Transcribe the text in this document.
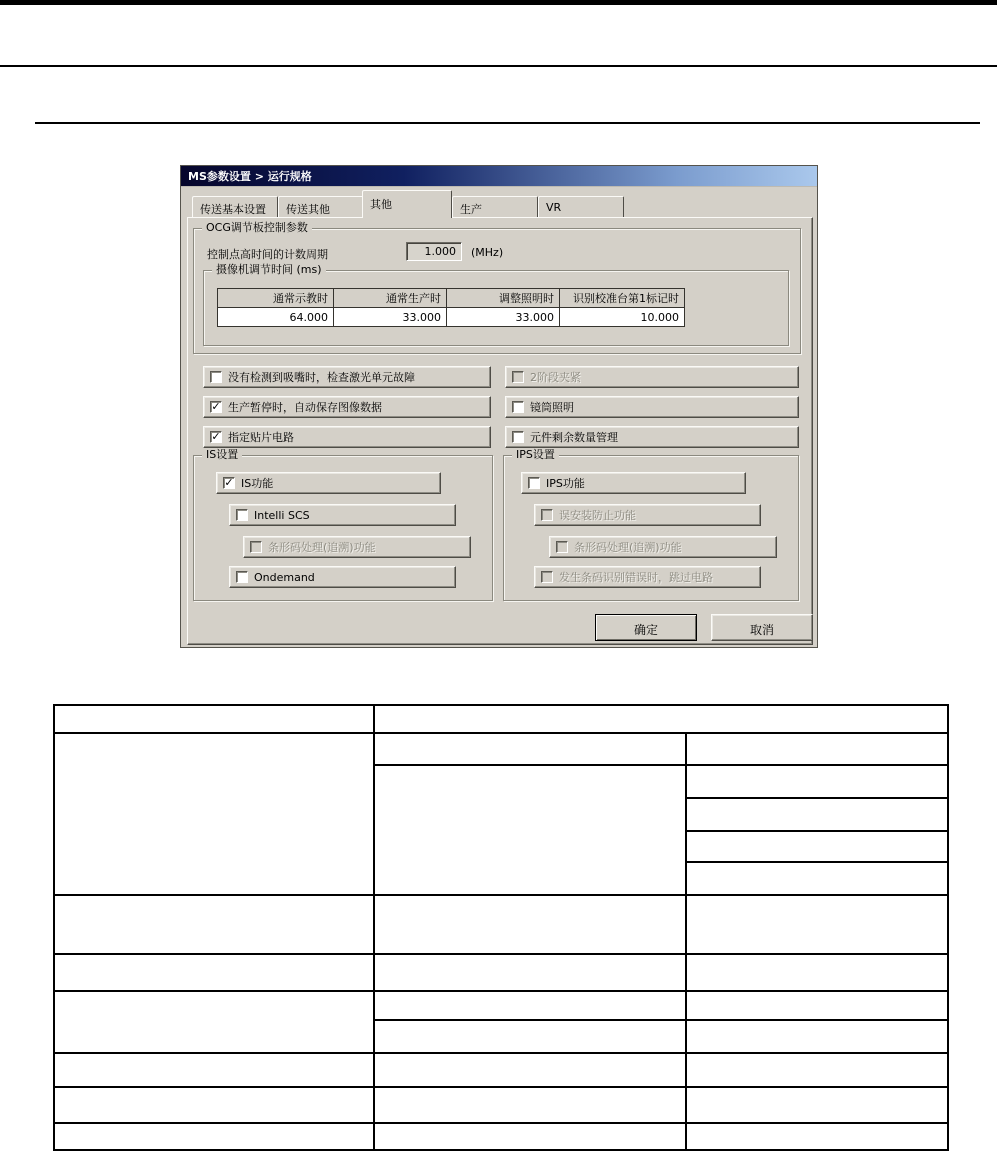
MS参数设置 > 运行规格
传送基本设置	传送其他	其他	生产	VR
OCG调节板控制参数
控制点高时间的计数周期	1.000	(MHz)
摄像机调节时间 (ms)
通常示教时	通常生产时	调整照明时	识别校准台第1标记时
64.000	33.000	33.000	10.000
没有检测到吸嘴时，检查激光单元故障	2阶段夹紧
✓
生产暂停时，自动保存图像数据	镜筒照明
✓
指定贴片电路	元件剩余数量管理
IS设置
✓
IS功能
Intelli SCS
条形码处理(追溯)功能
Ondemand
IPS设置
IPS功能
误安装防止功能
条形码处理(追溯)功能
发生条码识别错误时，跳过电路
确定	取消
